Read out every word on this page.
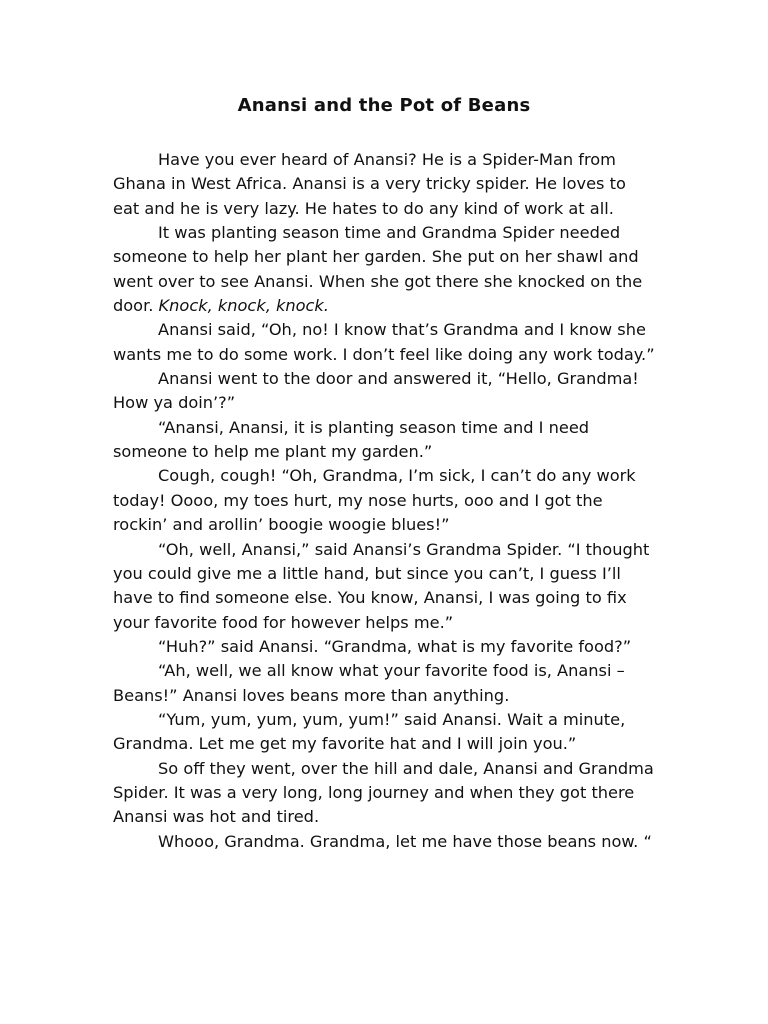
Anansi and the Pot of Beans
Have you ever heard of Anansi? He is a Spider-Man from
Ghana in West Africa. Anansi is a very tricky spider. He loves to
eat and he is very lazy. He hates to do any kind of work at all.
It was planting season time and Grandma Spider needed
someone to help her plant her garden. She put on her shawl and
went over to see Anansi. When she got there she knocked on the
door. Knock, knock, knock.
Anansi said, “Oh, no! I know that’s Grandma and I know she
wants me to do some work. I don’t feel like doing any work today.”
Anansi went to the door and answered it, “Hello, Grandma!
How ya doin’?”
“Anansi, Anansi, it is planting season time and I need
someone to help me plant my garden.”
Cough, cough! “Oh, Grandma, I’m sick, I can’t do any work
today! Oooo, my toes hurt, my nose hurts, ooo and I got the
rockin’ and arollin’ boogie woogie blues!”
“Oh, well, Anansi,” said Anansi’s Grandma Spider. “I thought
you could give me a little hand, but since you can’t, I guess I’ll
have to find someone else. You know, Anansi, I was going to fix
your favorite food for however helps me.”
“Huh?” said Anansi. “Grandma, what is my favorite food?”
“Ah, well, we all know what your favorite food is, Anansi –
Beans!” Anansi loves beans more than anything.
“Yum, yum, yum, yum, yum!” said Anansi. Wait a minute,
Grandma. Let me get my favorite hat and I will join you.”
So off they went, over the hill and dale, Anansi and Grandma
Spider. It was a very long, long journey and when they got there
Anansi was hot and tired.
Whooo, Grandma. Grandma, let me have those beans now. “
